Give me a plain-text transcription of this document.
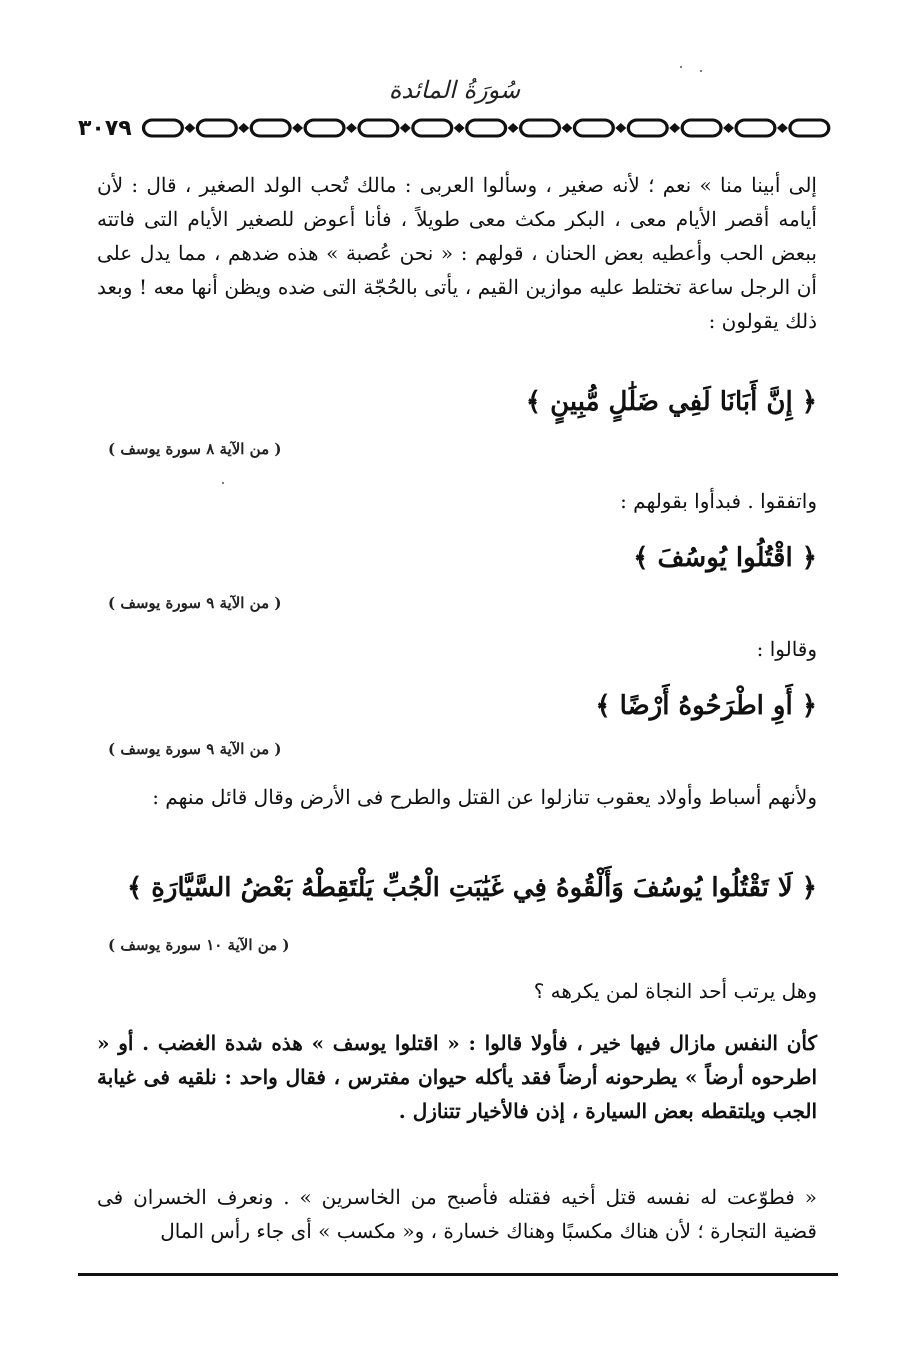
سُورَةُ المائدة
٣٠٧٩
إلى أبينا منا » نعم ؛ لأنه صغير ، وسألوا العربى : مالك تُحب الولد الصغير ، قال : لأن أيامه أقصر الأيام معى ، البكر مكث معى طويلاً ، فأنا أعوض للصغير الأيام التى فاتته ببعض الحب وأعطيه بعض الحنان ، قولهم : « نحن عُصبة » هذه ضدهم ، مما يدل على أن الرجل ساعة تختلط عليه موازين القيم ، يأتى بالحُجّة التى ضده ويظن أنها معه ! وبعد ذلك يقولون :
﴿ إِنَّ أَبَانَا لَفِي ضَلَٰلٍ مُّبِينٍ ﴾
( من الآية ٨ سورة يوسف )
واتفقوا . فبدأوا بقولهم :
﴿ اقْتُلُوا يُوسُفَ ﴾
( من الآية ٩ سورة يوسف )
وقالوا :
﴿ أَوِ اطْرَحُوهُ أَرْضًا ﴾
( من الآية ٩ سورة يوسف )
ولأنهم أسباط وأولاد يعقوب تنازلوا عن القتل والطرح فى الأرض وقال قائل منهم :
﴿ لَا تَقْتُلُوا يُوسُفَ وَأَلْقُوهُ فِي غَيَٰبَتِ الْجُبِّ يَلْتَقِطْهُ بَعْضُ السَّيَّارَةِ ﴾
( من الآية ١٠ سورة يوسف )
وهل يرتب أحد النجاة لمن يكرهه ؟
كأن النفس مازال فيها خير ، فأولا قالوا : « اقتلوا يوسف » هذه شدة الغضب . أو « اطرحوه أرضاً » يطرحونه أرضاً فقد يأكله حيوان مفترس ، فقال واحد : نلقيه فى غيابة الجب ويلتقطه بعض السيارة ، إذن فالأخيار تتنازل .
« فطوّعت له نفسه قتل أخيه فقتله فأصبح من الخاسرين » . ونعرف الخسران فى قضية التجارة ؛ لأن هناك مكسبًا وهناك خسارة ، و« مكسب » أى جاء رأس المال
